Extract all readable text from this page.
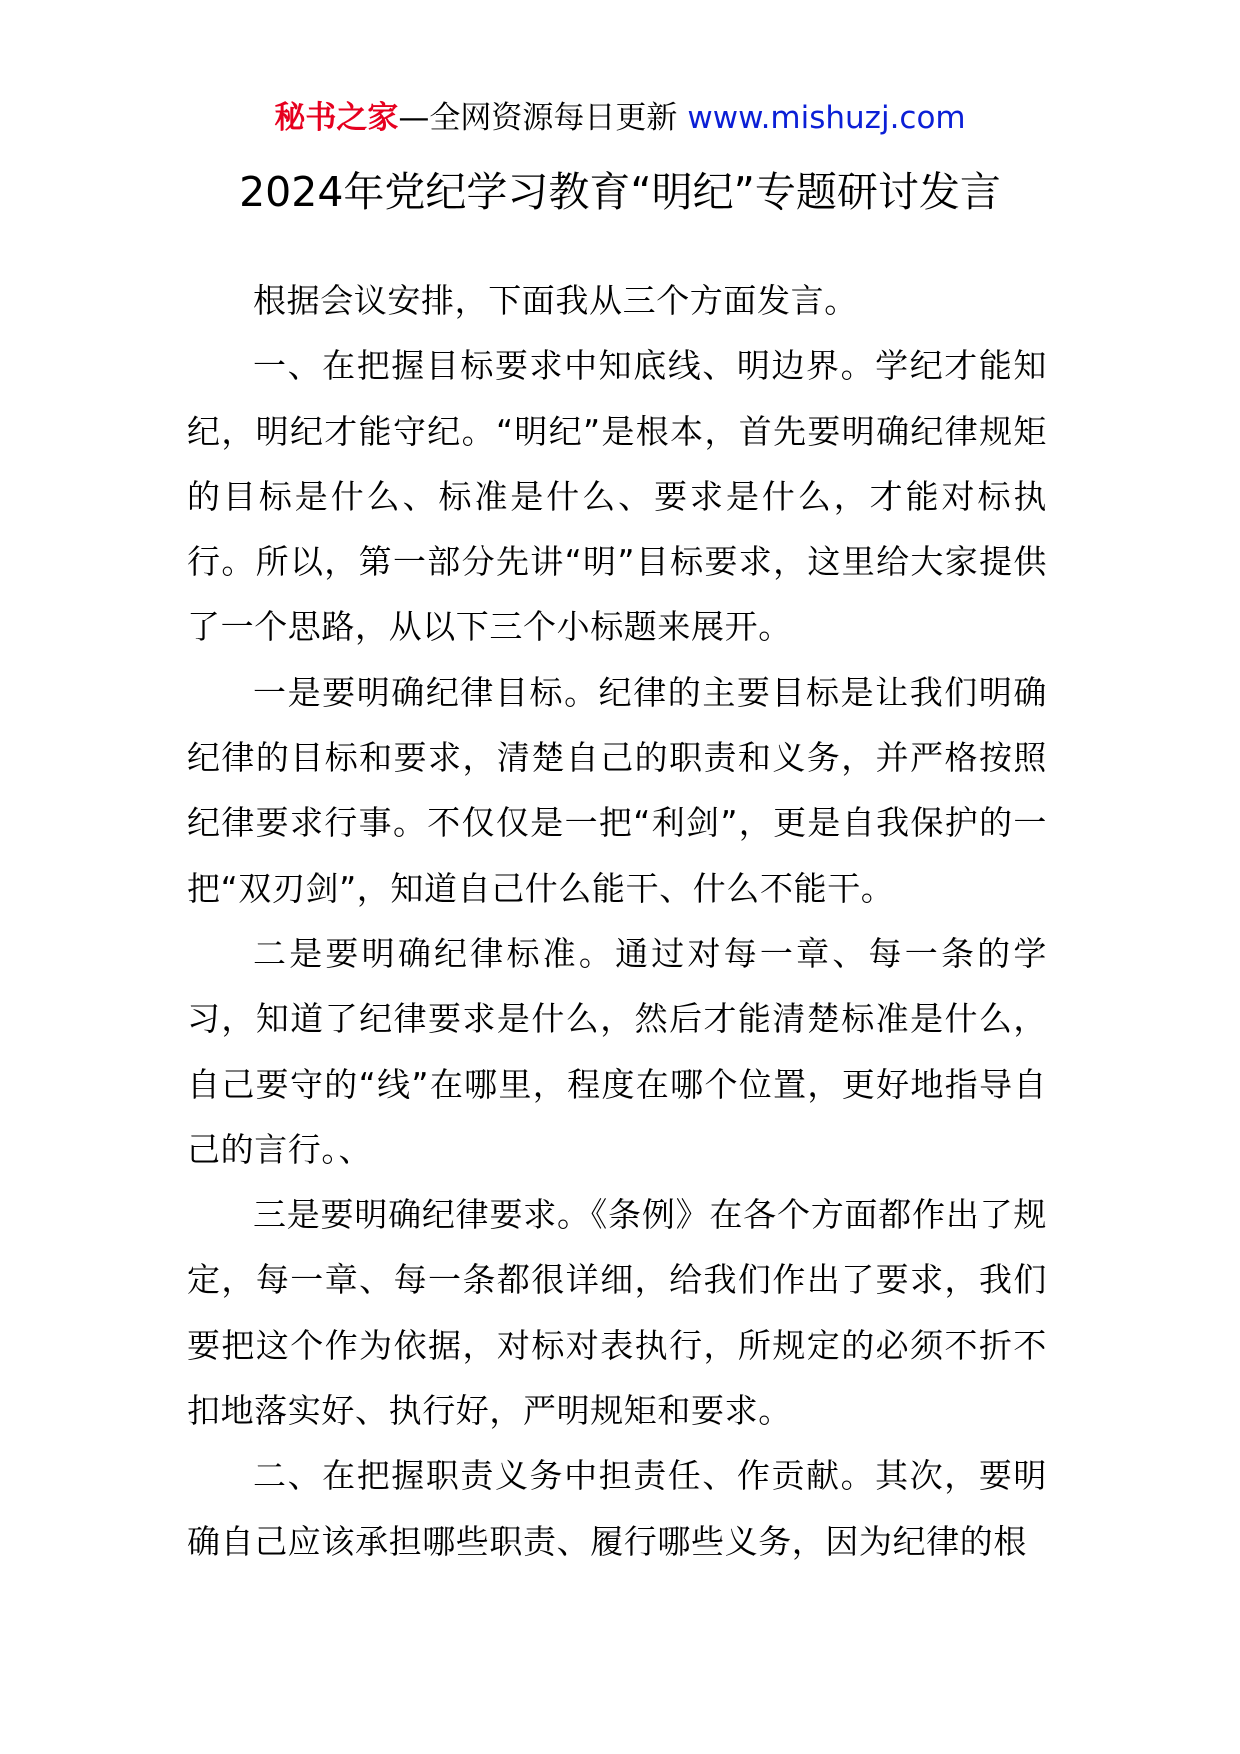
秘书之家—全网资源每日更新 www.mishuzj.com
2024年党纪学习教育“明纪”专题研讨发言

根据会议安排，下面我从三个方面发言。

一、在把握目标要求中知底线、明边界。学纪才能知纪，明纪才能守纪。“明纪”是根本，首先要明确纪律规矩的目标是什么、标准是什么、要求是什么，才能对标执行。所以，第一部分先讲“明”目标要求，这里给大家提供了一个思路，从以下三个小标题来展开。

一是要明确纪律目标。纪律的主要目标是让我们明确纪律的目标和要求，清楚自己的职责和义务，并严格按照纪律要求行事。不仅仅是一把“利剑”，更是自我保护的一把“双刃剑”，知道自己什么能干、什么不能干。

二是要明确纪律标准。通过对每一章、每一条的学习，知道了纪律要求是什么，然后才能清楚标准是什么，自己要守的“线”在哪里，程度在哪个位置，更好地指导自己的言行。、

三是要明确纪律要求。《条例》在各个方面都作出了规定，每一章、每一条都很详细，给我们作出了要求，我们要把这个作为依据，对标对表执行，所规定的必须不折不扣地落实好、执行好，严明规矩和要求。

二、在把握职责义务中担责任、作贡献。其次，要明确自己应该承担哪些职责、履行哪些义务，因为纪律的根
